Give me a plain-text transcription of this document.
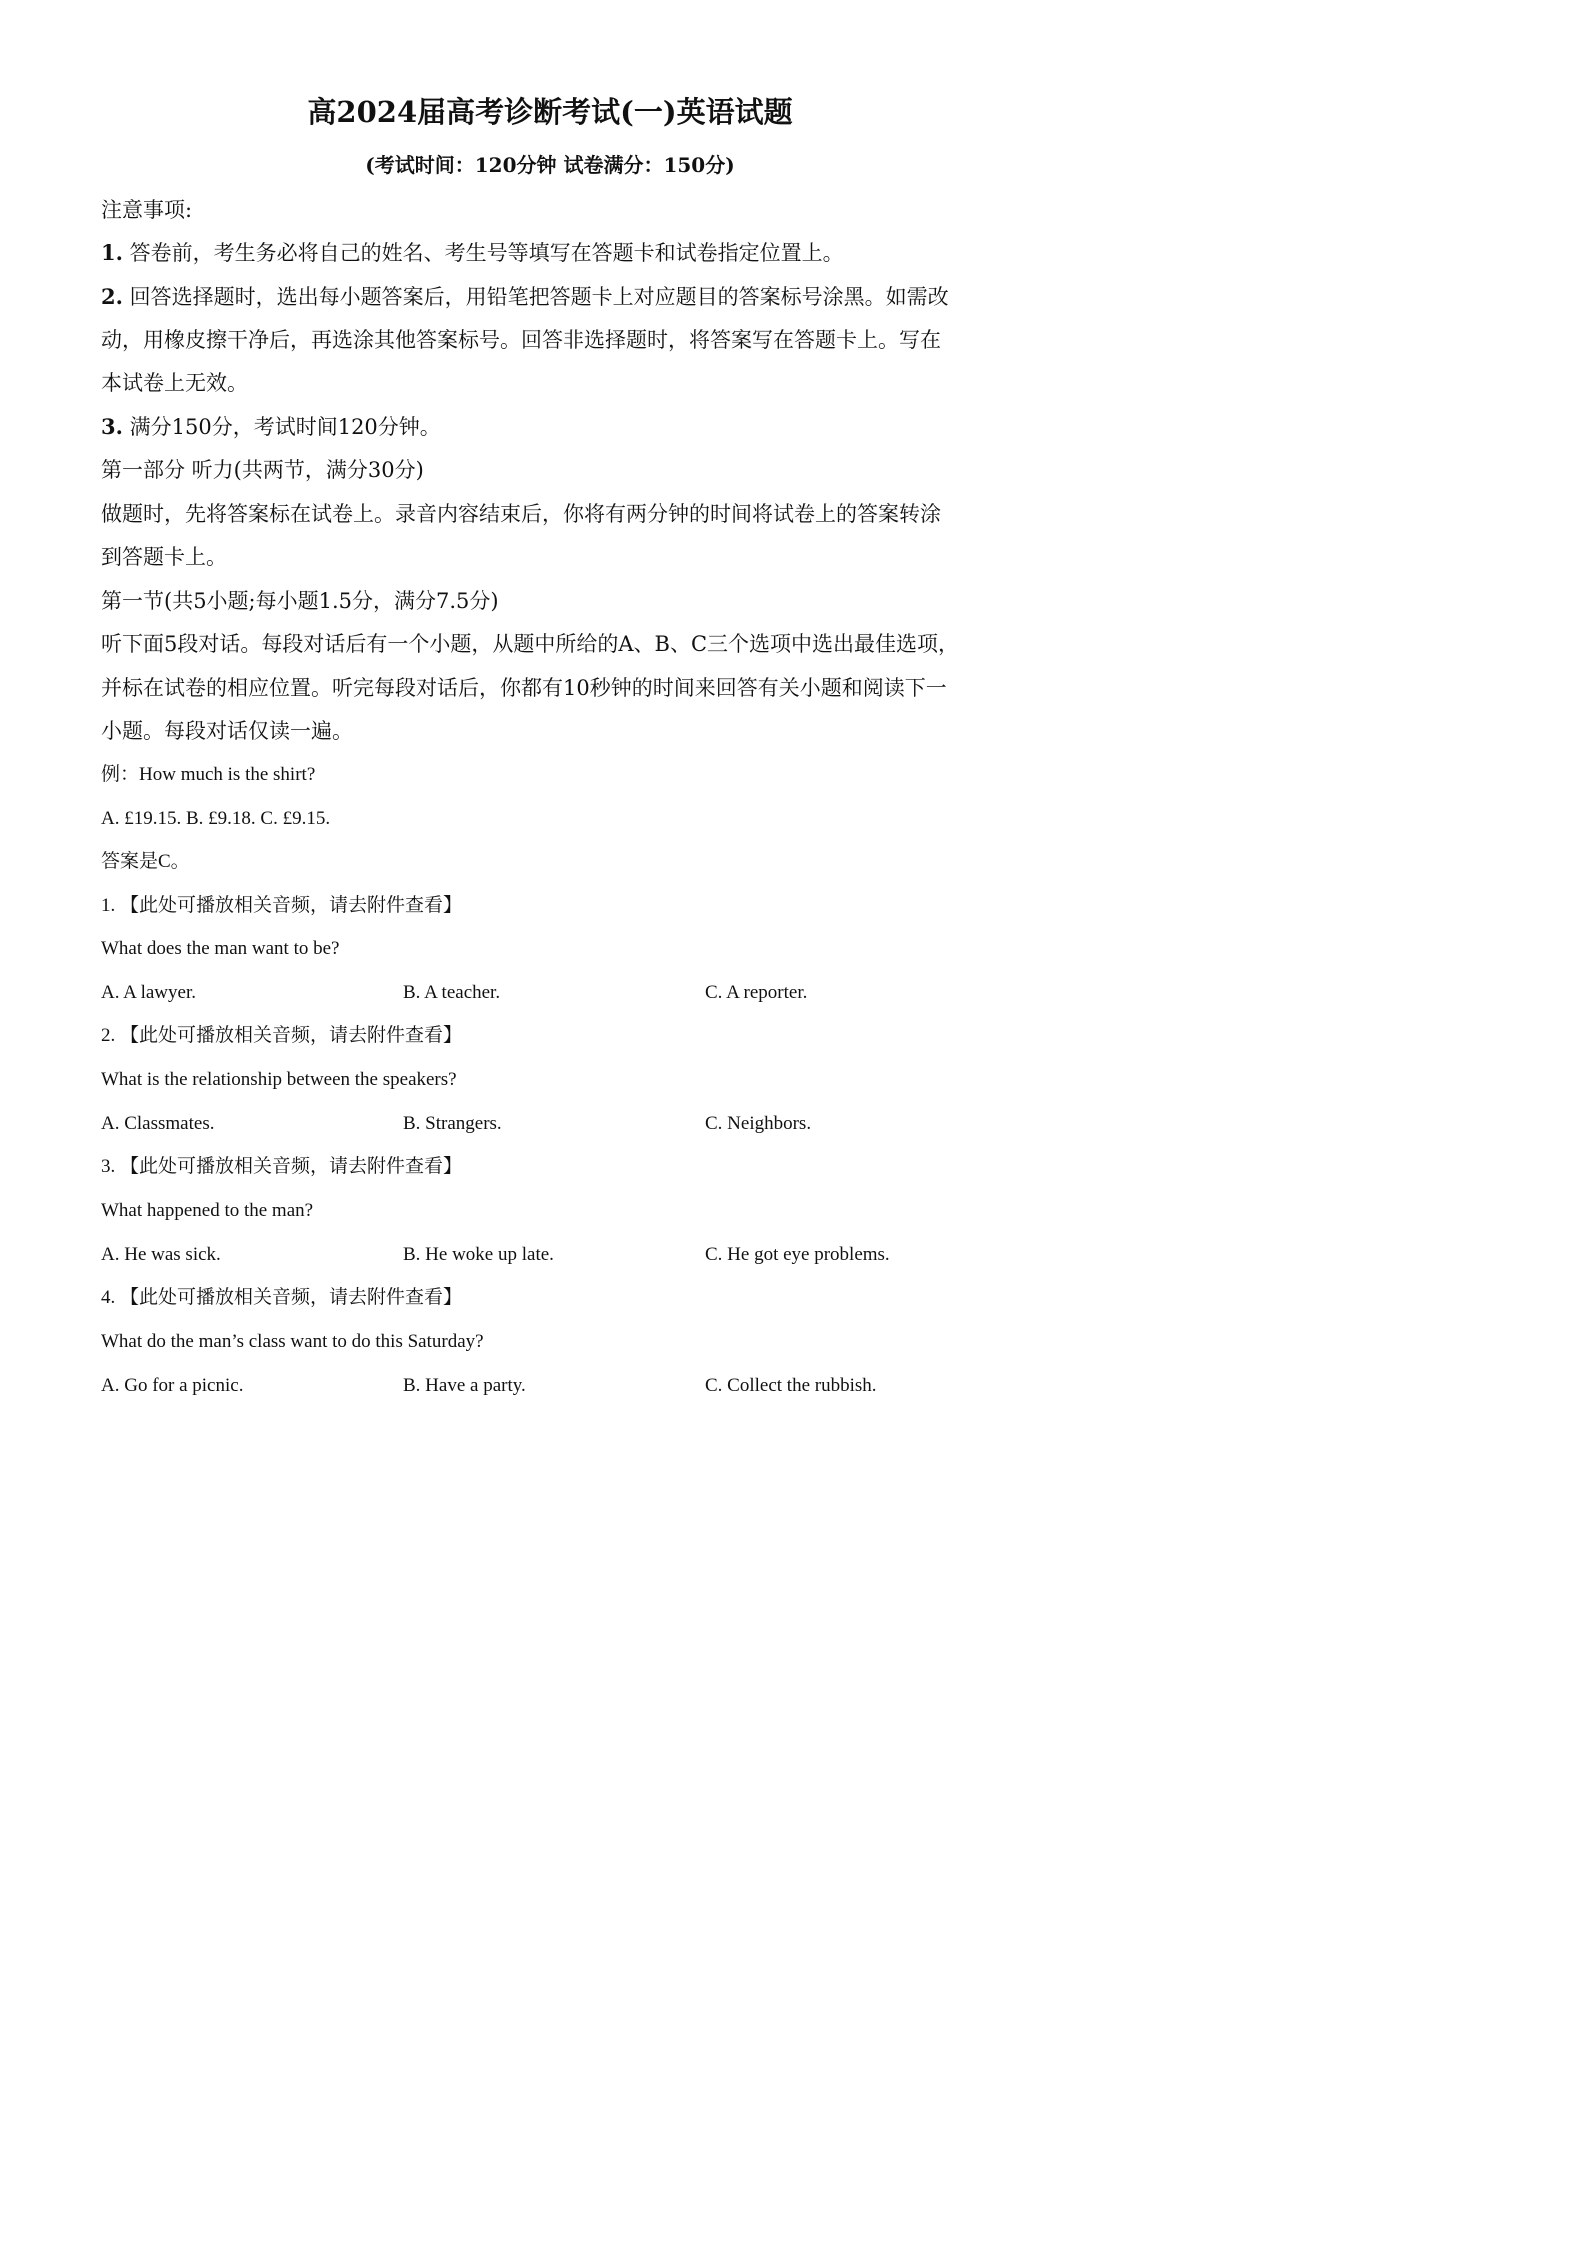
高2024届高考诊断考试(一)英语试题
(考试时间：120分钟 试卷满分：150分)
注意事项:
1. 答卷前，考生务必将自己的姓名、考生号等填写在答题卡和试卷指定位置上。
2. 回答选择题时，选出每小题答案后，用铅笔把答题卡上对应题目的答案标号涂黑。如需改
动，用橡皮擦干净后，再选涂其他答案标号。回答非选择题时，将答案写在答题卡上。写在
本试卷上无效。
3. 满分150分，考试时间120分钟。
第一部分 听力(共两节，满分30分)
做题时，先将答案标在试卷上。录音内容结束后，你将有两分钟的时间将试卷上的答案转涂
到答题卡上。
第一节(共5小题;每小题1.5分，满分7.5分)
听下面5段对话。每段对话后有一个小题，从题中所给的A、B、C三个选项中选出最佳选项，
并标在试卷的相应位置。听完每段对话后，你都有10秒钟的时间来回答有关小题和阅读下一
小题。每段对话仅读一遍。
例：How much is the shirt?
A. £19.15. B. £9.18. C. £9.15.
答案是C。
1. 【此处可播放相关音频，请去附件查看】
What does the man want to be?
A. A lawyer.	B. A teacher.	C. A reporter.
2. 【此处可播放相关音频，请去附件查看】
What is the relationship between the speakers?
A. Classmates.	B. Strangers.	C. Neighbors.
3. 【此处可播放相关音频，请去附件查看】
What happened to the man?
A. He was sick.	B. He woke up late.	C. He got eye problems.
4. 【此处可播放相关音频，请去附件查看】
What do the man’s class want to do this Saturday?
A. Go for a picnic.	B. Have a party.	C. Collect the rubbish.
